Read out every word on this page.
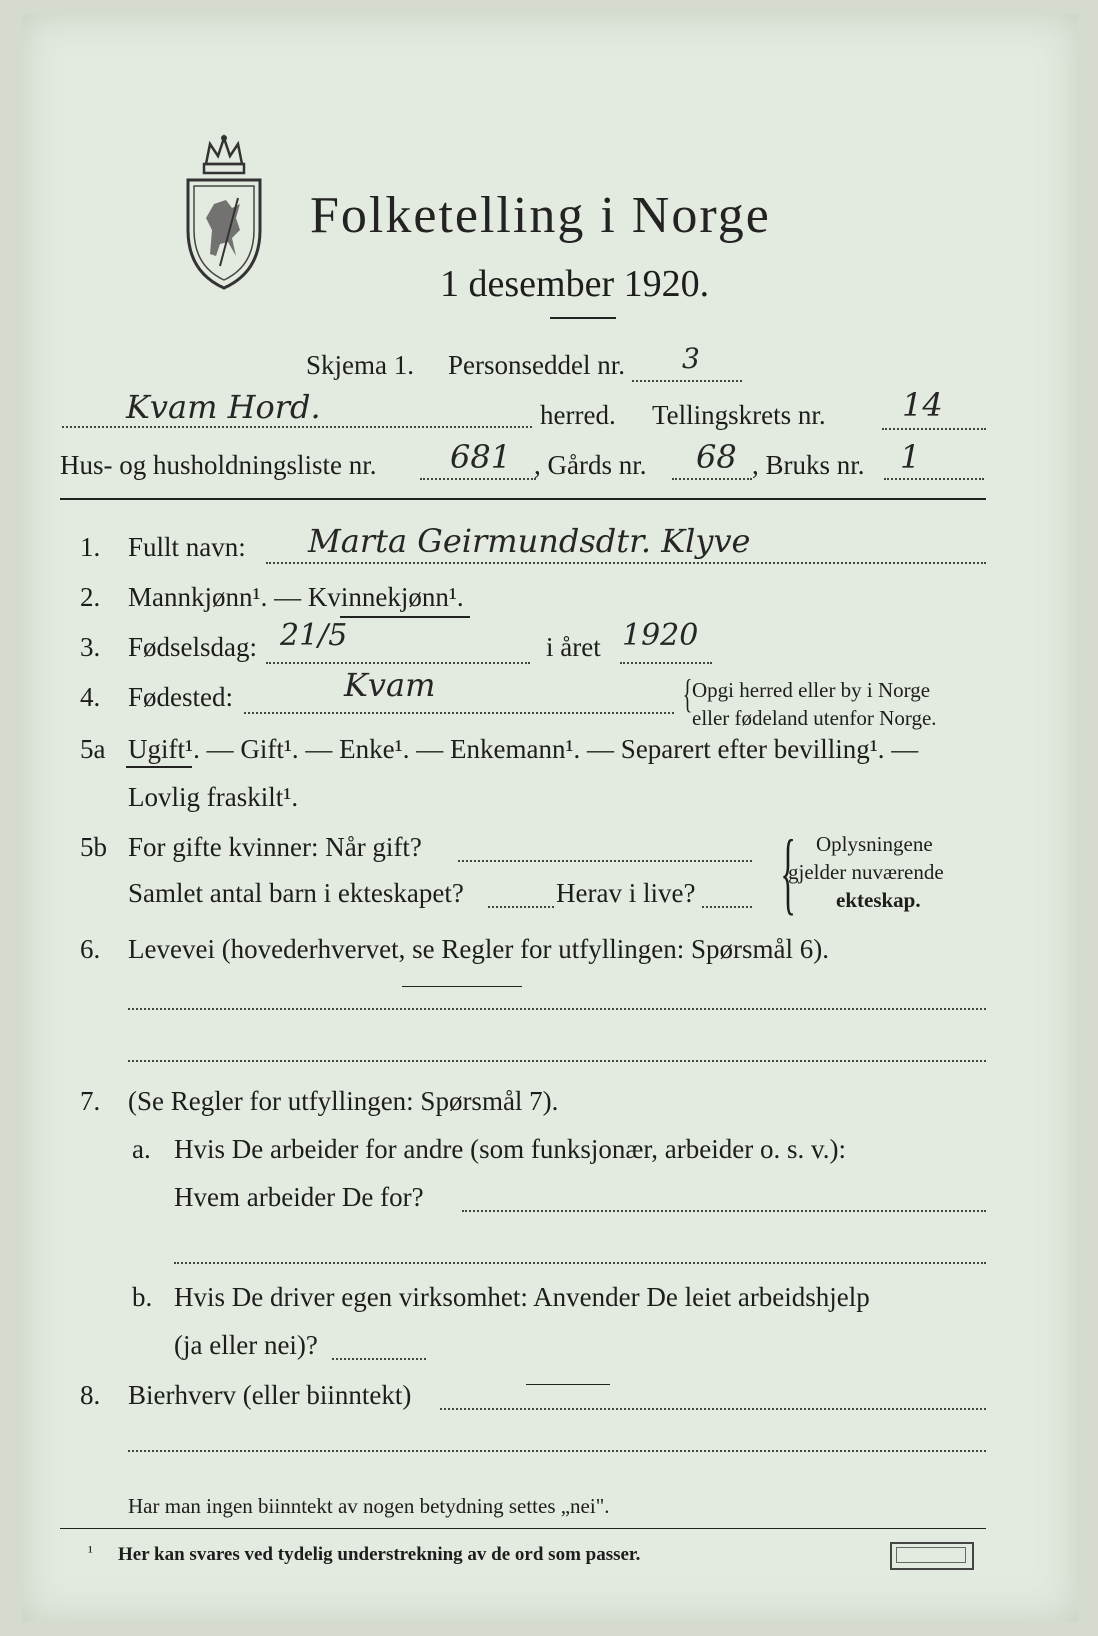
Folketelling i Norge
1 desember 1920.
Skjema 1. Personseddel nr. 3
Kvam Hord.	herred. Tellingskrets nr. 14
Hus- og husholdningsliste nr. 681 , Gårds nr. 68 , Bruks nr. 1
1. Fullt navn: Marta Geirmundsdtr. Klyve
2. Mannkjønn¹. — Kvinnekjønn¹.
3. Fødselsdag: 21/5	i året 1920
4. Fødested:	Kvam	{ Opgi herred eller by i Norge
eller fødeland utenfor Norge.
5a Ugift¹. — Gift¹. — Enke¹. — Enkemann¹. — Separert efter bevilling¹. —
Lovlig fraskilt¹.
5b For gifte kvinner: Når gift?
Samlet antal barn i ekteskapet?	Herav i live? { Oplysningene
gjelder nuværende
ekteskap.
6. Levevei (hovederhvervet, se Regler for utfyllingen: Spørsmål 6).
7. (Se Regler for utfyllingen: Spørsmål 7).
a. Hvis De arbeider for andre (som funksjonær, arbeider o. s. v.):
Hvem arbeider De for?
b. Hvis De driver egen virksomhet: Anvender De leiet arbeidshjelp
(ja eller nei)?
8. Bierhverv (eller biinntekt)
Har man ingen biinntekt av nogen betydning settes „nei".
¹ Her kan svares ved tydelig understrekning av de ord som passer.
